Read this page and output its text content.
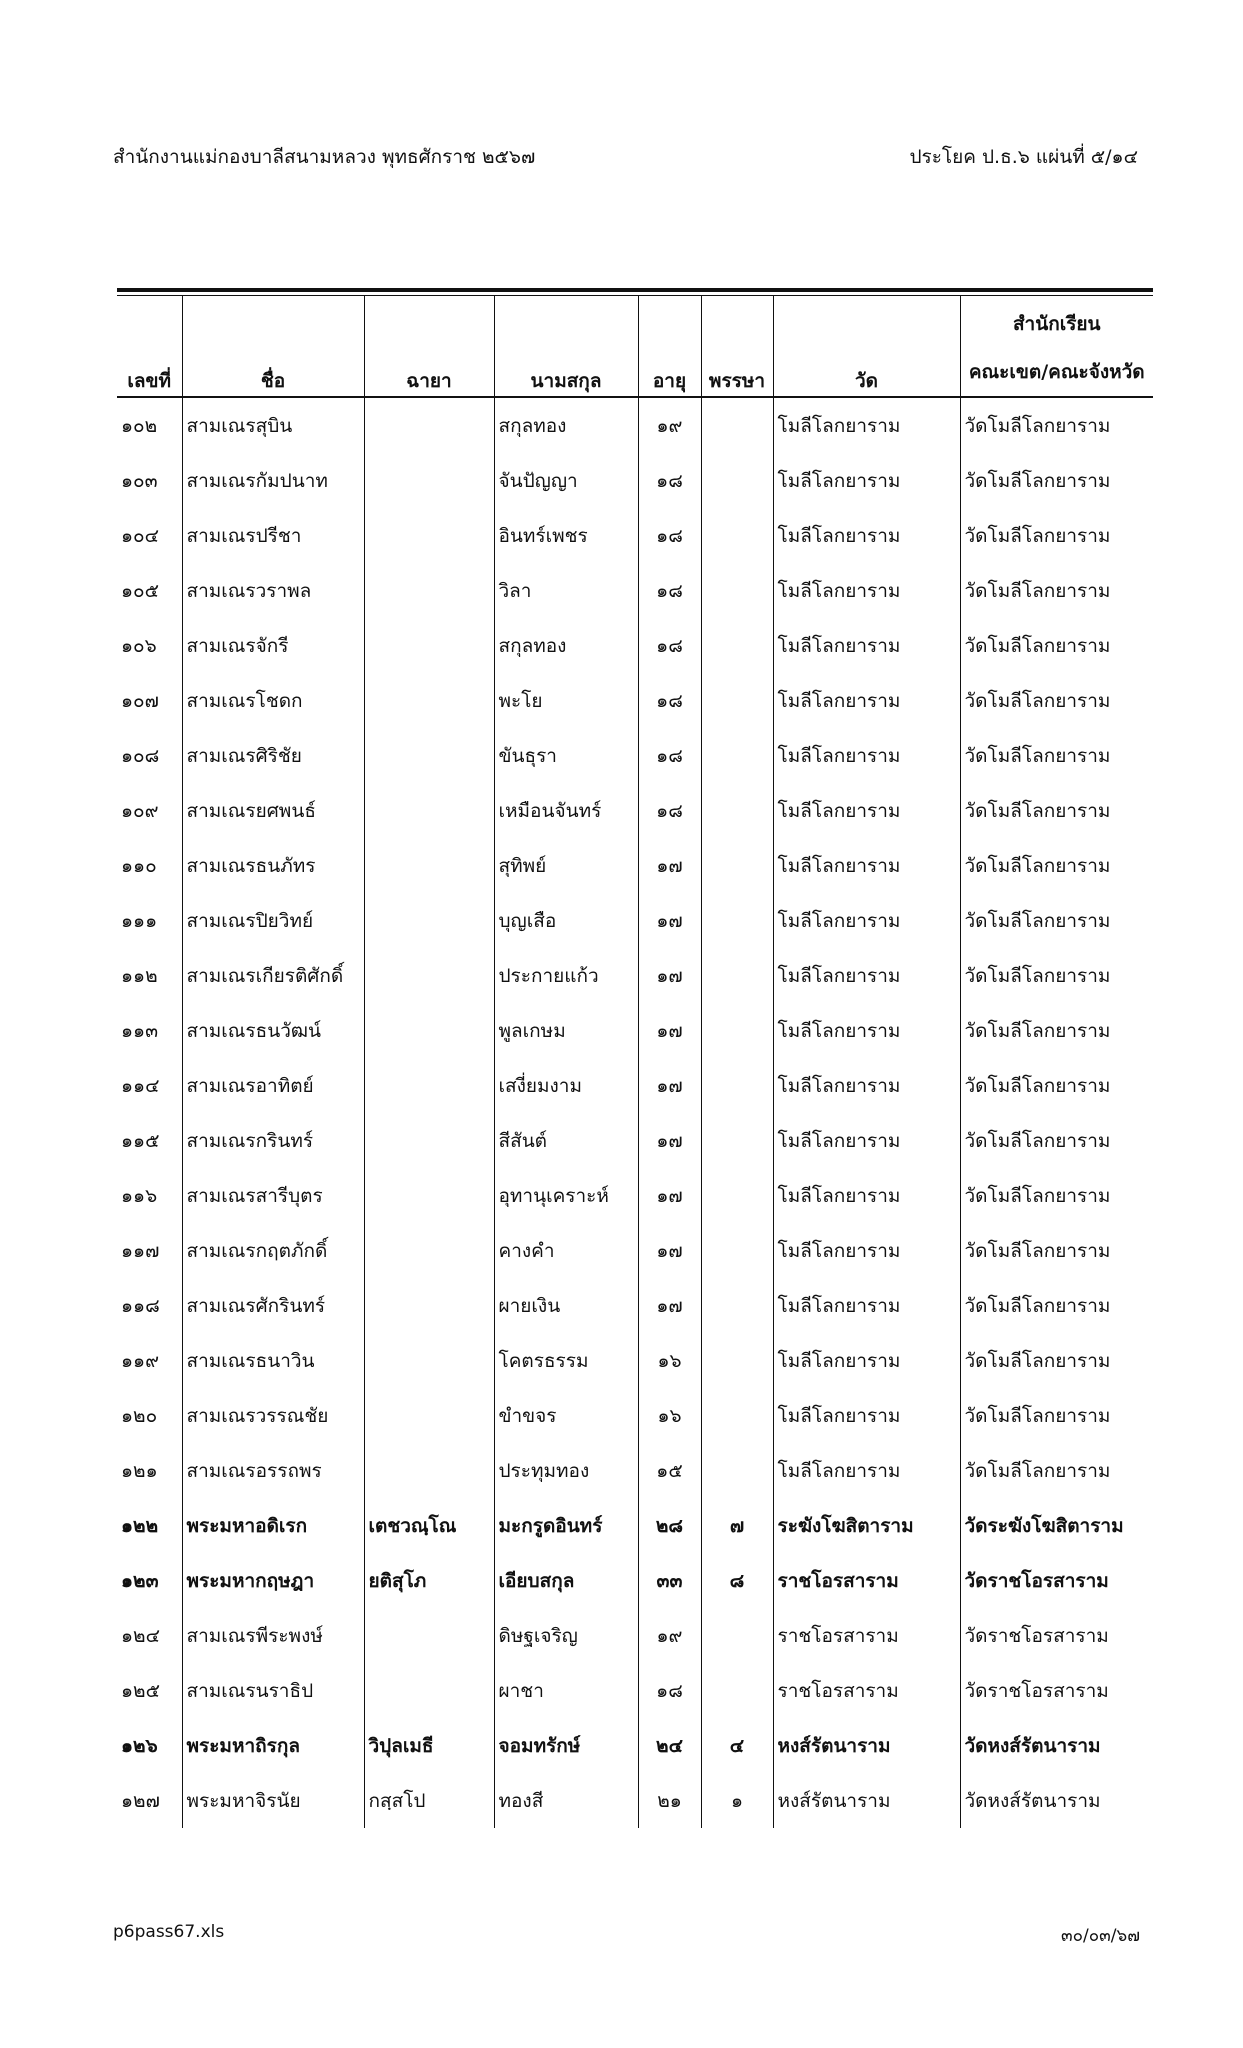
สำนักงานแม่กองบาลีสนามหลวง พุทธศักราช ๒๕๖๗	ประโยค ป.ธ.๖ แผ่นที่ ๕/๑๔
เลขที่	ชื่อ	ฉายา	นามสกุล	อายุ	พรรษา	วัด	สำนักเรียน
คณะเขต/คณะจังหวัด

๑๐๒	สามเณรสุบิน		สกุลทอง	๑๙		โมลีโลกยาราม	วัดโมลีโลกยาราม
๑๐๓	สามเณรกัมปนาท		จันปัญญา	๑๘		โมลีโลกยาราม	วัดโมลีโลกยาราม
๑๐๔	สามเณรปรีชา		อินทร์เพชร	๑๘		โมลีโลกยาราม	วัดโมลีโลกยาราม
๑๐๕	สามเณรวราพล		วิลา	๑๘		โมลีโลกยาราม	วัดโมลีโลกยาราม
๑๐๖	สามเณรจักรี		สกุลทอง	๑๘		โมลีโลกยาราม	วัดโมลีโลกยาราม
๑๐๗	สามเณรโชดก		พะโย	๑๘		โมลีโลกยาราม	วัดโมลีโลกยาราม
๑๐๘	สามเณรศิริชัย		ขันธุรา	๑๘		โมลีโลกยาราม	วัดโมลีโลกยาราม
๑๐๙	สามเณรยศพนธ์		เหมือนจันทร์	๑๘		โมลีโลกยาราม	วัดโมลีโลกยาราม
๑๑๐	สามเณรธนภัทร		สุทิพย์	๑๗		โมลีโลกยาราม	วัดโมลีโลกยาราม
๑๑๑	สามเณรปิยวิทย์		บุญเสือ	๑๗		โมลีโลกยาราม	วัดโมลีโลกยาราม
๑๑๒	สามเณรเกียรติศักดิ์		ประกายแก้ว	๑๗		โมลีโลกยาราม	วัดโมลีโลกยาราม
๑๑๓	สามเณรธนวัฒน์		พูลเกษม	๑๗		โมลีโลกยาราม	วัดโมลีโลกยาราม
๑๑๔	สามเณรอาทิตย์		เสงี่ยมงาม	๑๗		โมลีโลกยาราม	วัดโมลีโลกยาราม
๑๑๕	สามเณรกรินทร์		สีสันต์	๑๗		โมลีโลกยาราม	วัดโมลีโลกยาราม
๑๑๖	สามเณรสารีบุตร		อุทานุเคราะห์	๑๗		โมลีโลกยาราม	วัดโมลีโลกยาราม
๑๑๗	สามเณรกฤตภักดิ์		คางคำ	๑๗		โมลีโลกยาราม	วัดโมลีโลกยาราม
๑๑๘	สามเณรศักรินทร์		ผายเงิน	๑๗		โมลีโลกยาราม	วัดโมลีโลกยาราม
๑๑๙	สามเณรธนาวิน		โคตรธรรม	๑๖		โมลีโลกยาราม	วัดโมลีโลกยาราม
๑๒๐	สามเณรวรรณชัย		ขำขจร	๑๖		โมลีโลกยาราม	วัดโมลีโลกยาราม
๑๒๑	สามเณรอรรถพร		ประทุมทอง	๑๕		โมลีโลกยาราม	วัดโมลีโลกยาราม
๑๒๒	พระมหาอดิเรก	เตชวณฺโณ	มะกรูดอินทร์	๒๘	๗	ระฆังโฆสิตาราม	วัดระฆังโฆสิตาราม
๑๒๓	พระมหากฤษฎา	ยติสุโภ	เอียบสกุล	๓๓	๘	ราชโอรสาราม	วัดราชโอรสาราม
๑๒๔	สามเณรพีระพงษ์		ดิษฐเจริญ	๑๙		ราชโอรสาราม	วัดราชโอรสาราม
๑๒๕	สามเณรนราธิป		ผาชา	๑๘		ราชโอรสาราม	วัดราชโอรสาราม
๑๒๖	พระมหาถิรกุล	วิปุลเมธี	จอมทรักษ์	๒๔	๔	หงส์รัตนาราม	วัดหงส์รัตนาราม
๑๒๗	พระมหาจิรนัย	กสฺสโป	ทองสี	๒๑	๑	หงส์รัตนาราม	วัดหงส์รัตนาราม
p6pass67.xls	๓๐/๐๓/๖๗
